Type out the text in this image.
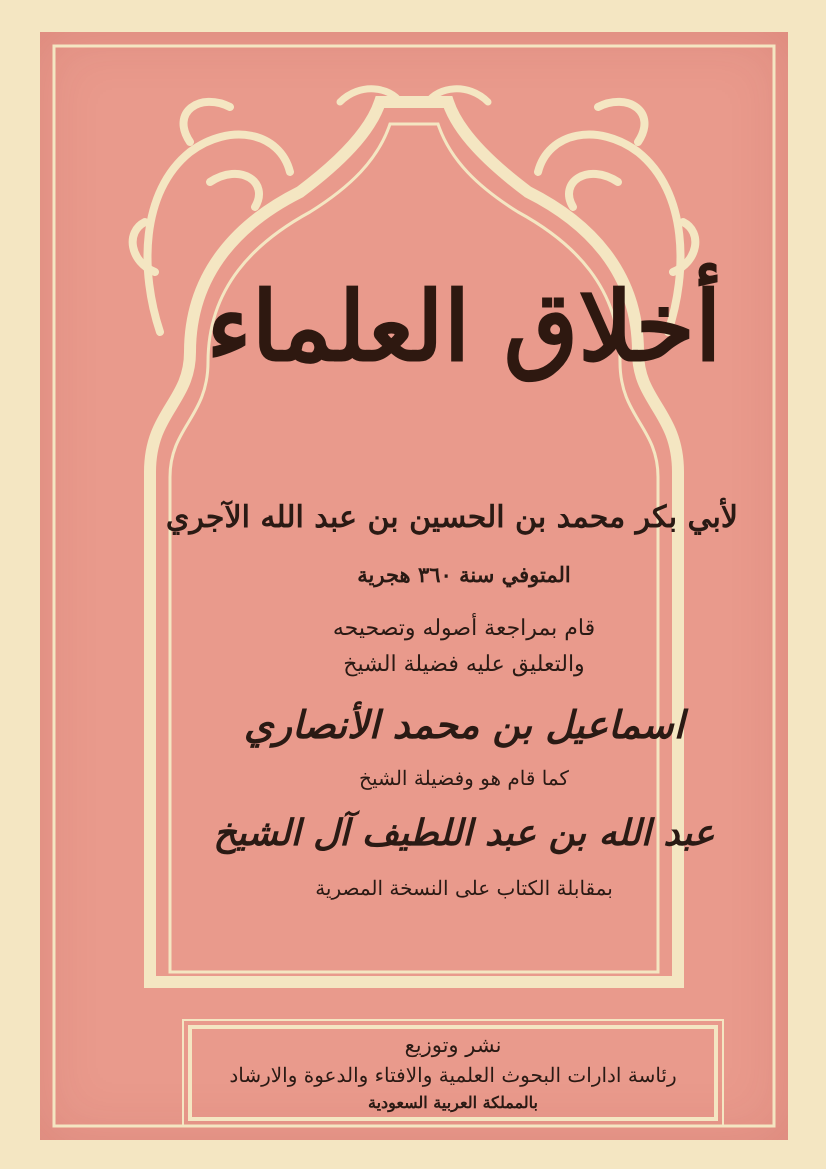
أخلاق العلماء

لأبي بكر محمد بن الحسين بن عبد الله الآجري

المتوفي سنة ٣٦٠ هجرية

قام بمراجعة أصوله وتصحيحه

والتعليق عليه فضيلة الشيخ

اسماعيل بن محمد الأنصاري

كما قام هو وفضيلة الشيخ

عبد الله بن عبد اللطيف آل الشيخ

بمقابلة الكتاب على النسخة المصرية

نشر وتوزيع

رئاسة ادارات البحوث العلمية والافتاء والدعوة والارشاد

بالمملكة العربية السعودية
